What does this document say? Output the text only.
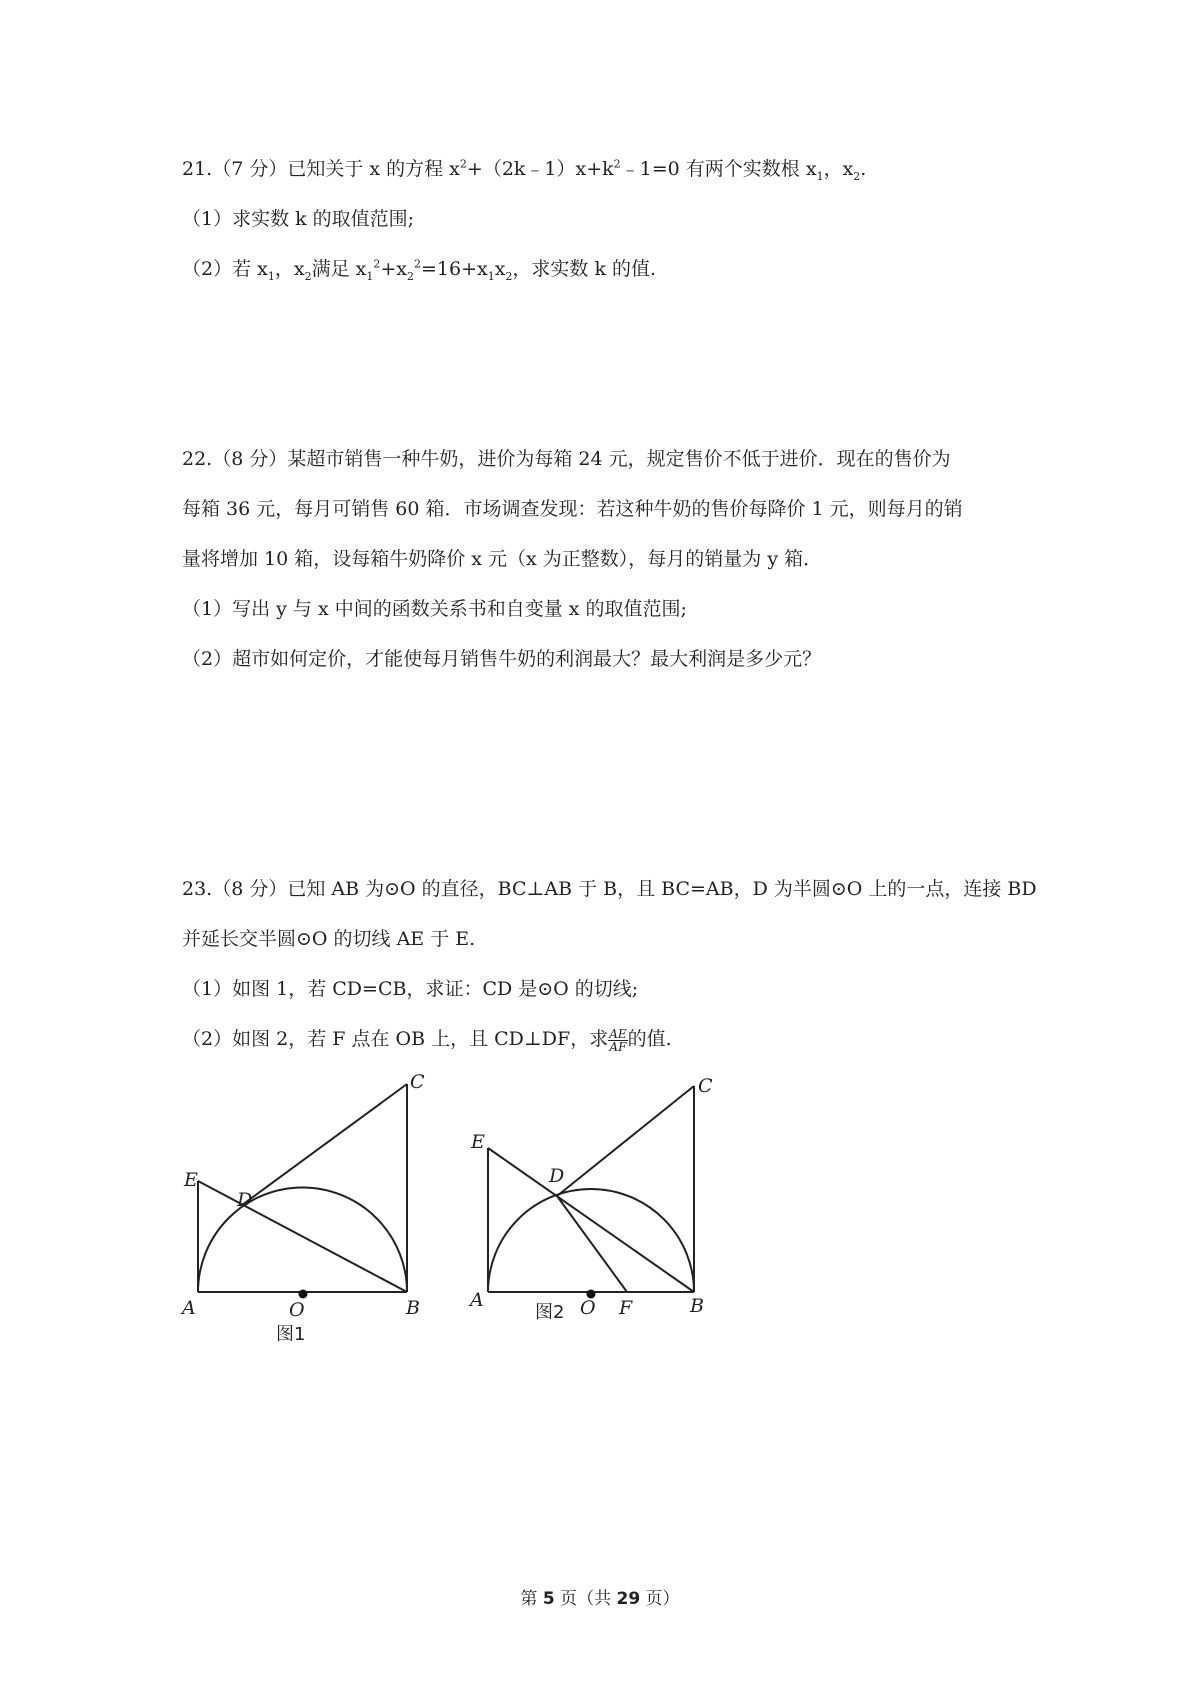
21.（7 分）已知关于 x 的方程 $x^2+(2k﹣1)x+k^2﹣1=0$ 有两个实数根 $x_1$，$x_2$.
（1）求实数 k 的取值范围;
（2）若 $x_1$，$x_2$满足 $x_1^2+x_2^2=16+x_1x_2$，求实数 k 的值.
22.（8 分）某超市销售一种牛奶，进价为每箱 24 元，规定售价不低于进价．现在的售价为
每箱 36 元，每月可销售 60 箱．市场调查发现：若这种牛奶的售价每降价 1 元，则每月的销
量将增加 10 箱，设每箱牛奶降价 x 元（x 为正整数），每月的销量为 y 箱．
（1）写出 y 与 x 中间的函数关系书和自变量 x 的取值范围;
（2）超市如何定价，才能使每月销售牛奶的利润最大？最大利润是多少元？
23.（8 分）已知 AB 为⊙O 的直径，BC⊥AB 于 B，且 BC=AB，D 为半圆⊙O 上的一点，连接 BD
并延长交半圆⊙O 的切线 AE 于 E.
（1）如图 1，若 CD=CB，求证：CD 是⊙O 的切线;
（2）如图 2，若 F 点在 OB 上，且 CD⊥DF，求 $\frac{AE}{AF}$ 的值.
A	B
C
D
E
O	A	B
C
D
E
O F
图1
图2
第 5 页（共 29 页）
